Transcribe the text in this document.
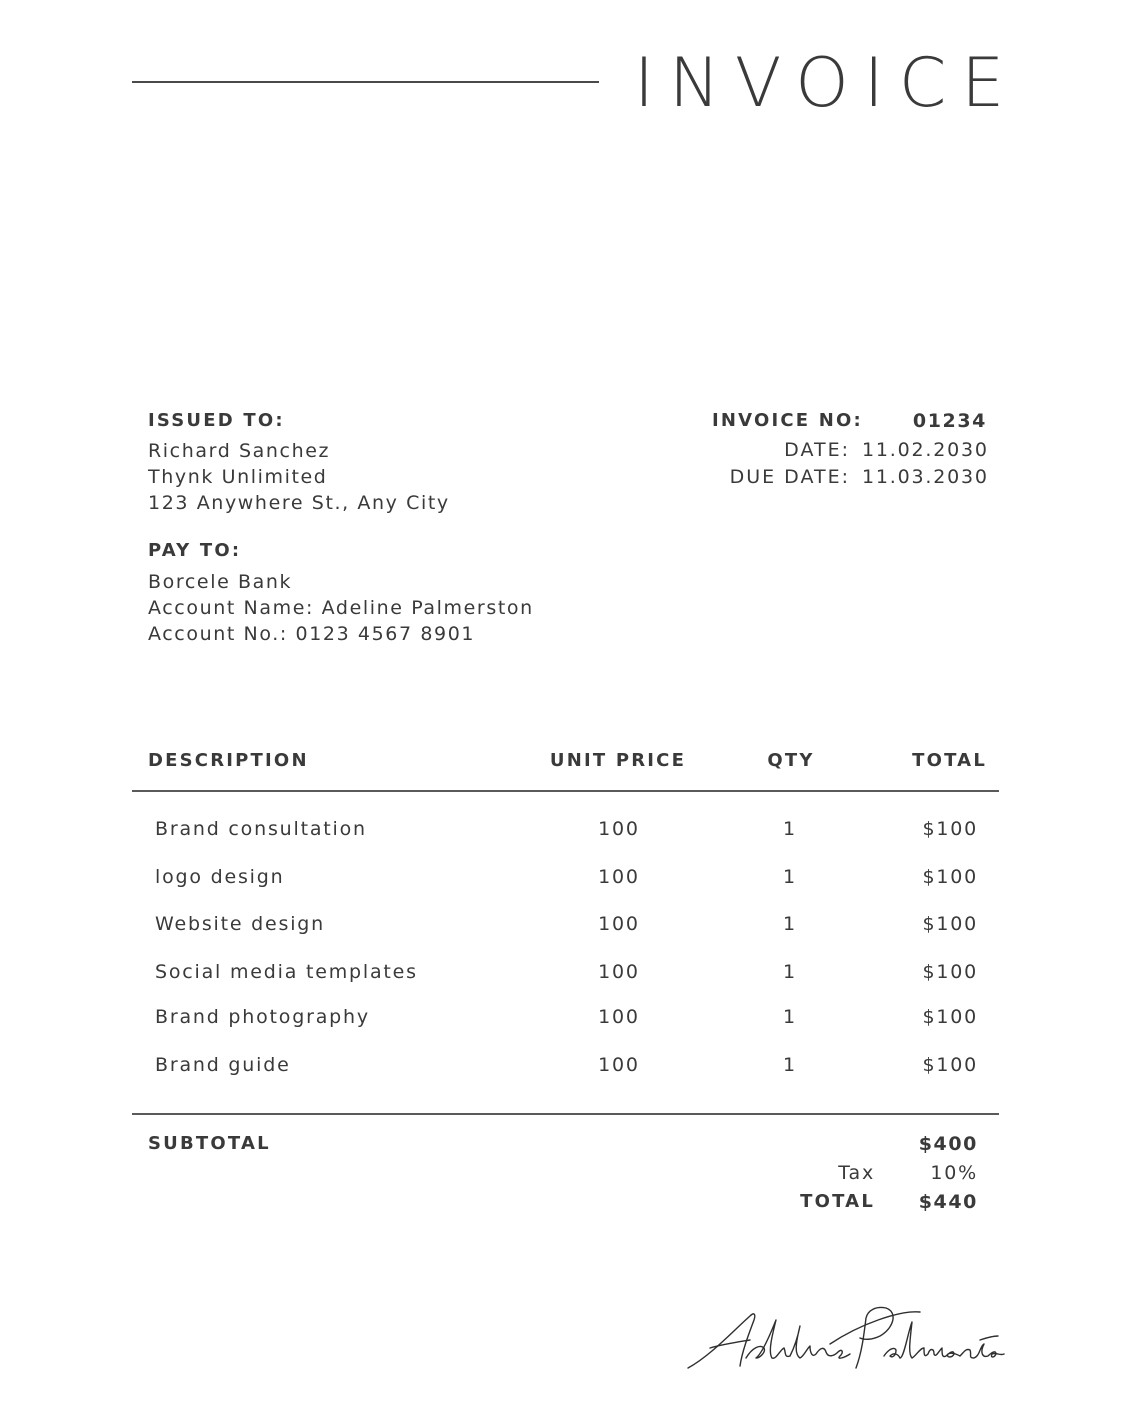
INVOICE
ISSUED TO:
Richard Sanchez
Thynk Unlimited
123 Anywhere St., Any City
PAY TO:
Borcele Bank
Account Name: Adeline Palmerston
Account No.: 0123 4567 8901
INVOICE NO:	01234
DATE: 11.02.2030
DUE DATE: 11.03.2030
DESCRIPTION	UNIT PRICE	QTY	TOTAL
Brand consultation	100	1	$100
logo design	100	1	$100
Website design	100	1	$100
Social media templates	100	1	$100
Brand photography	100	1	$100
Brand guide	100	1	$100
SUBTOTAL	$400
Tax	10%
TOTAL	$440
